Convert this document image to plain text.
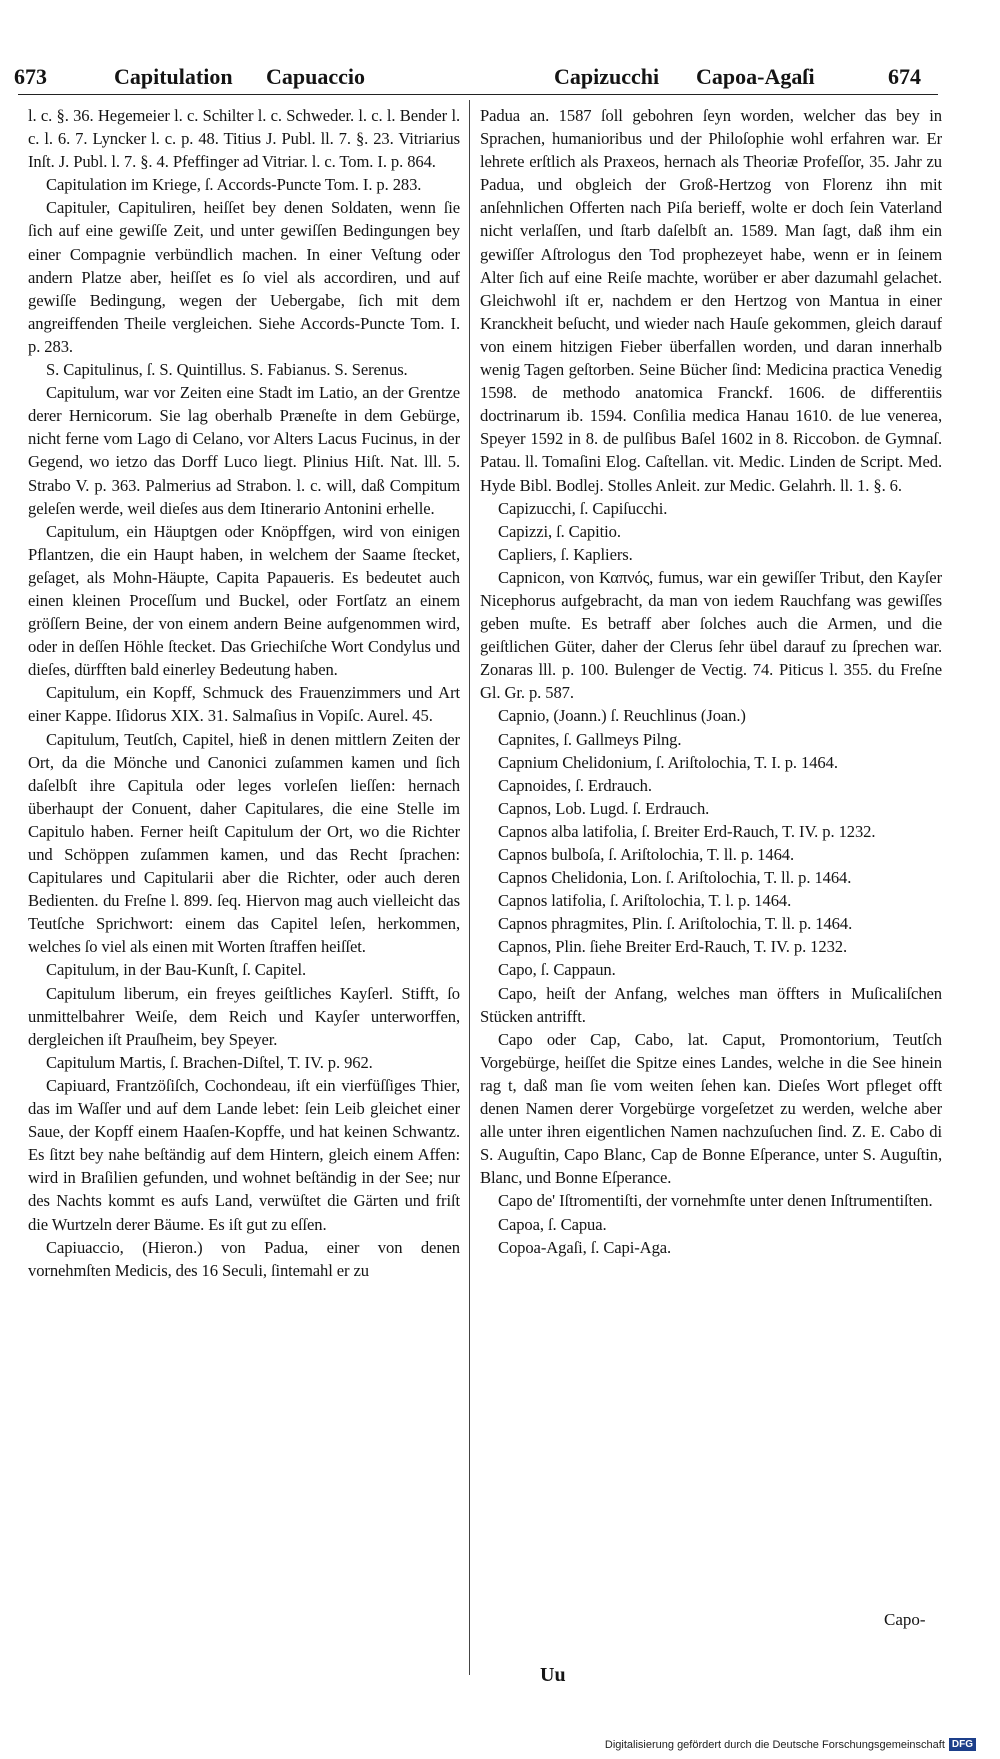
673	Capitulation Capuaccio	Capizucchi Capoa-Agaſi	674

l. c. §. 36. Hegemeier l. c. Schilter l. c. Schweder. l. c. l. Bender l. c. l. 6. 7. Lyncker l. c. p. 48. Titius J. Publ. ll. 7. §. 23. Vitriarius Inſt. J. Publ. l. 7. §. 4. Pfeffinger ad Vitriar. l. c. Tom. I. p. 864.

Capitulation im Kriege, ſ. Accords-Puncte Tom. I. p. 283.

Capituler, Capituliren, heiſſet bey denen Soldaten, wenn ſie ſich auf eine gewiſſe Zeit, und unter gewiſſen Bedingungen bey einer Compagnie verbündlich machen. In einer Veſtung oder andern Platze aber, heiſſet es ſo viel als accordiren, und auf gewiſſe Bedingung, wegen der Uebergabe, ſich mit dem angreiffenden Theile vergleichen. Siehe Accords-Puncte Tom. I. p. 283.

S. Capitulinus, ſ. S. Quintillus. S. Fabianus. S. Serenus.

Capitulum, war vor Zeiten eine Stadt im Latio, an der Grentze derer Hernicorum. Sie lag oberhalb Præneſte in dem Gebürge, nicht ferne vom Lago di Celano, vor Alters Lacus Fucinus, in der Gegend, wo ietzo das Dorff Luco liegt. Plinius Hiſt. Nat. lll. 5. Strabo V. p. 363. Palmerius ad Strabon. l. c. will, daß Compitum geleſen werde, weil dieſes aus dem Itinerario Antonini erhelle.

Capitulum, ein Häuptgen oder Knöpffgen, wird von einigen Pflantzen, die ein Haupt haben, in welchem der Saame ſtecket, geſaget, als Mohn-Häupte, Capita Papaueris. Es bedeutet auch einen kleinen Proceſſum und Buckel, oder Fortſatz an einem gröſſern Beine, der von einem andern Beine aufgenommen wird, oder in deſſen Höhle ſtecket. Das Griechiſche Wort Condylus und dieſes, dürfften bald einerley Bedeutung haben.

Capitulum, ein Kopff, Schmuck des Frauenzimmers und Art einer Kappe. Iſidorus XIX. 31. Salmaſius in Vopiſc. Aurel. 45.

Capitulum, Teutſch, Capitel, hieß in denen mittlern Zeiten der Ort, da die Mönche und Canonici zuſammen kamen und ſich daſelbſt ihre Capitula oder leges vorleſen lieſſen: hernach überhaupt der Conuent, daher Capitulares, die eine Stelle im Capitulo haben. Ferner heiſt Capitulum der Ort, wo die Richter und Schöppen zuſammen kamen, und das Recht ſprachen: Capitulares und Capitularii aber die Richter, oder auch deren Bedienten. du Freſne l. 899. ſeq. Hiervon mag auch vielleicht das Teutſche Sprichwort: einem das Capitel leſen, herkommen, welches ſo viel als einen mit Worten ſtraffen heiſſet.

Capitulum, in der Bau-Kunſt, ſ. Capitel.

Capitulum liberum, ein freyes geiſtliches Kayſerl. Stifft, ſo unmittelbahrer Weiſe, dem Reich und Kayſer unterworffen, dergleichen iſt Prauſheim, bey Speyer.

Capitulum Martis, ſ. Brachen-Diſtel, T. IV. p. 962.

Capiuard, Frantzöſiſch, Cochondeau, iſt ein vierfüſſiges Thier, das im Waſſer und auf dem Lande lebet: ſein Leib gleichet einer Saue, der Kopff einem Haaſen-Kopffe, und hat keinen Schwantz. Es ſitzt bey nahe beſtändig auf dem Hintern, gleich einem Affen: wird in Braſilien gefunden, und wohnet beſtändig in der See; nur des Nachts kommt es aufs Land, verwüſtet die Gärten und friſt die Wurtzeln derer Bäume. Es iſt gut zu eſſen.

Capiuaccio, (Hieron.) von Padua, einer von denen vornehmſten Medicis, des 16 Seculi, ſintemahl er zu

Padua an. 1587 ſoll gebohren ſeyn worden, welcher das bey in Sprachen, humanioribus und der Philoſophie wohl erfahren war. Er lehrete erſtlich als Praxeos, hernach als Theoriæ Profeſſor, 35. Jahr zu Padua, und obgleich der Groß-Hertzog von Florenz ihn mit anſehnlichen Offerten nach Piſa berieff, wolte er doch ſein Vaterland nicht verlaſſen, und ſtarb daſelbſt an. 1589. Man ſagt, daß ihm ein gewiſſer Aſtrologus den Tod prophezeyet habe, wenn er in ſeinem Alter ſich auf eine Reiſe machte, worüber er aber dazumahl gelachet. Gleichwohl iſt er, nachdem er den Hertzog von Mantua in einer Kranckheit beſucht, und wieder nach Hauſe gekommen, gleich darauf von einem hitzigen Fieber überfallen worden, und daran innerhalb wenig Tagen geſtorben. Seine Bücher ſind: Medicina practica Venedig 1598. de methodo anatomica Franckf. 1606. de differentiis doctrinarum ib. 1594. Conſilia medica Hanau 1610. de lue venerea, Speyer 1592 in 8. de pulſibus Baſel 1602 in 8. Riccobon. de Gymnaſ. Patau. ll. Tomaſini Elog. Caſtellan. vit. Medic. Linden de Script. Med. Hyde Bibl. Bodlej. Stolles Anleit. zur Medic. Gelahrh. ll. 1. §. 6.

Capizucchi, ſ. Capiſucchi.

Capizzi, ſ. Capitio.

Capliers, ſ. Kapliers.

Capnicon, von Καπνός, fumus, war ein gewiſſer Tribut, den Kayſer Nicephorus aufgebracht, da man von iedem Rauchfang was gewiſſes geben muſte. Es betraff aber ſolches auch die Armen, und die geiſtlichen Güter, daher der Clerus ſehr übel darauf zu ſprechen war. Zonaras lll. p. 100. Bulenger de Vectig. 74. Piticus l. 355. du Freſne Gl. Gr. p. 587.

Capnio, (Joann.) ſ. Reuchlinus (Joan.)

Capnites, ſ. Gallmeys Pilng.

Capnium Chelidonium, ſ. Ariſtolochia, T. I. p. 1464.

Capnoides, ſ. Erdrauch.

Capnos, Lob. Lugd. ſ. Erdrauch.

Capnos alba latifolia, ſ. Breiter Erd-Rauch, T. IV. p. 1232.

Capnos bulboſa, ſ. Ariſtolochia, T. ll. p. 1464.

Capnos Chelidonia, Lon. ſ. Ariſtolochia, T. ll. p. 1464.

Capnos latifolia, ſ. Ariſtolochia, T. l. p. 1464.

Capnos phragmites, Plin. ſ. Ariſtolochia, T. ll. p. 1464.

Capnos, Plin. ſiehe Breiter Erd-Rauch, T. IV. p. 1232.

Capo, ſ. Cappaun.

Capo, heiſt der Anfang, welches man öffters in Muſicaliſchen Stücken antrifft.

Capo oder Cap, Cabo, lat. Caput, Promontorium, Teutſch Vorgebürge, heiſſet die Spitze eines Landes, welche in die See hinein rag t, daß man ſie vom weiten ſehen kan. Dieſes Wort pfleget offt denen Namen derer Vorgebürge vorgeſetzet zu werden, welche aber alle unter ihren eigentlichen Namen nachzuſuchen ſind. Z. E. Cabo di S. Auguſtin, Capo Blanc, Cap de Bonne Eſperance, unter S. Auguſtin, Blanc, und Bonne Eſperance.

Capo de' Iſtromentiſti, der vornehmſte unter denen Inſtrumentiſten.

Capoa, ſ. Capua.

Copoa-Agaſi, ſ. Capi-Aga.

Uu
Capo-
Digitalisierung gefördert durch die Deutsche Forschungsgemeinschaft DFG
